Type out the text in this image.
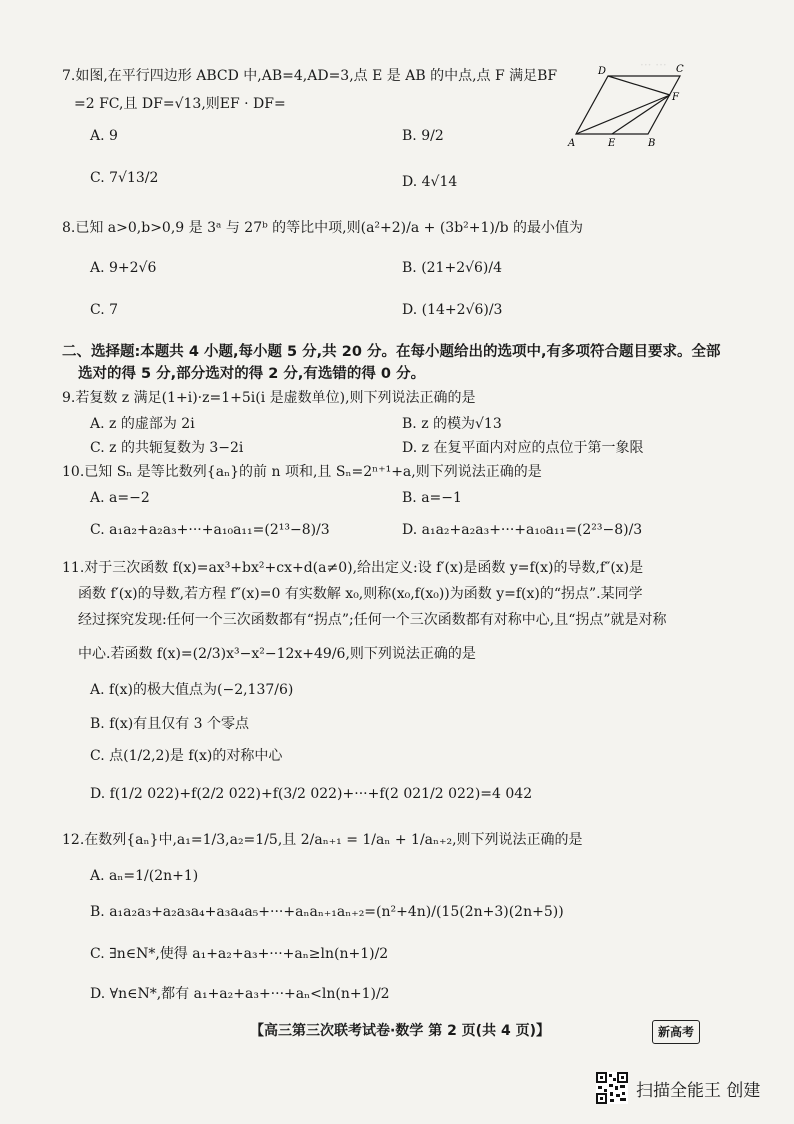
··· ···
7.如图,在平行四边形 ABCD 中,AB=4,AD=3,点 E 是 AB 的中点,点 F 满足BF
=2 FC,且 DF=√13,则EF · DF=
A. 9	B. 9/2
C. 7√13/2	D. 4√14
A	B
C
D
E
F
8.已知 a>0,b>0,9 是 3ᵃ 与 27ᵇ 的等比中项,则(a²+2)/a + (3b²+1)/b 的最小值为
A. 9+2√6	B. (21+2√6)/4
C. 7	D. (14+2√6)/3
二、选择题:本题共 4 小题,每小题 5 分,共 20 分。在每小题给出的选项中,有多项符合题目要求。全部
选对的得 5 分,部分选对的得 2 分,有选错的得 0 分。
9.若复数 z 满足(1+i)·z=1+5i(i 是虚数单位),则下列说法正确的是
A. z 的虚部为 2i	B. z 的模为√13
C. z 的共轭复数为 3−2i	D. z 在复平面内对应的点位于第一象限
10.已知 Sₙ 是等比数列{aₙ}的前 n 项和,且 Sₙ=2ⁿ⁺¹+a,则下列说法正确的是
A. a=−2	B. a=−1
C. a₁a₂+a₂a₃+···+a₁₀a₁₁=(2¹³−8)/3	D. a₁a₂+a₂a₃+···+a₁₀a₁₁=(2²³−8)/3
11.对于三次函数 f(x)=ax³+bx²+cx+d(a≠0),给出定义:设 f′(x)是函数 y=f(x)的导数,f″(x)是
函数 f′(x)的导数,若方程 f″(x)=0 有实数解 x₀,则称(x₀,f(x₀))为函数 y=f(x)的“拐点”.某同学
经过探究发现:任何一个三次函数都有“拐点”;任何一个三次函数都有对称中心,且“拐点”就是对称
中心.若函数 f(x)=(2/3)x³−x²−12x+49/6,则下列说法正确的是
A. f(x)的极大值点为(−2,137/6)
B. f(x)有且仅有 3 个零点
C. 点(1/2,2)是 f(x)的对称中心
D. f(1/2 022)+f(2/2 022)+f(3/2 022)+···+f(2 021/2 022)=4 042
12.在数列{aₙ}中,a₁=1/3,a₂=1/5,且 2/aₙ₊₁ = 1/aₙ + 1/aₙ₊₂,则下列说法正确的是
A. aₙ=1/(2n+1)
B. a₁a₂a₃+a₂a₃a₄+a₃a₄a₅+···+aₙaₙ₊₁aₙ₊₂=(n²+4n)/(15(2n+3)(2n+5))
C. ∃n∈N*,使得 a₁+a₂+a₃+···+aₙ≥ln(n+1)/2
D. ∀n∈N*,都有 a₁+a₂+a₃+···+aₙ<ln(n+1)/2
【高三第三次联考试卷·数学 第 2 页(共 4 页)】	新高考
扫描全能王 创建
